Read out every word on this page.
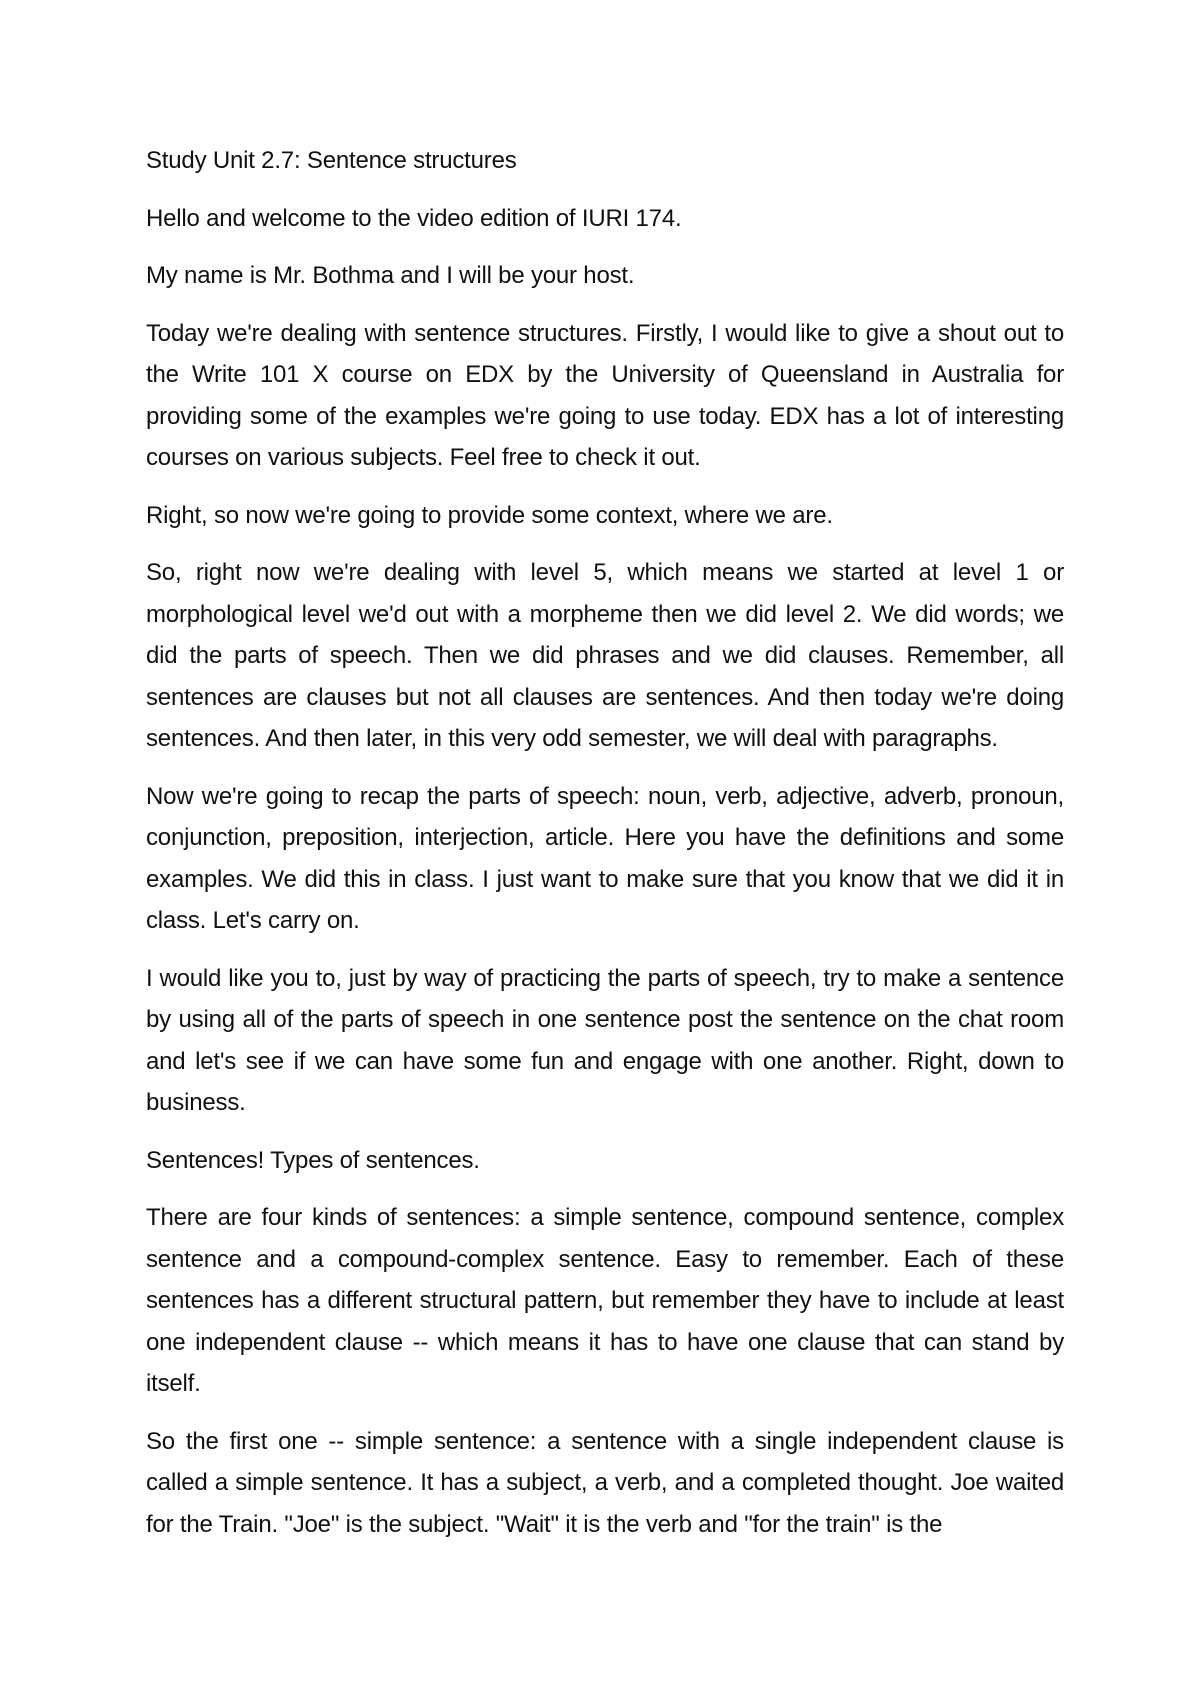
Study Unit 2.7: Sentence structures

Hello and welcome to the video edition of IURI 174.

My name is Mr. Bothma and I will be your host.

Today we're dealing with sentence structures. Firstly, I would like to give a shout out to the Write 101 X course on EDX by the University of Queensland in Australia for providing some of the examples we're going to use today. EDX has a lot of interesting courses on various subjects. Feel free to check it out.

Right, so now we're going to provide some context, where we are.

So, right now we're dealing with level 5, which means we started at level 1 or morphological level we'd out with a morpheme then we did level 2. We did words; we did the parts of speech. Then we did phrases and we did clauses. Remember, all sentences are clauses but not all clauses are sentences. And then today we're doing sentences. And then later, in this very odd semester, we will deal with paragraphs.

Now we're going to recap the parts of speech: noun, verb, adjective, adverb, pronoun, conjunction, preposition, interjection, article. Here you have the definitions and some examples. We did this in class. I just want to make sure that you know that we did it in class. Let's carry on.

I would like you to, just by way of practicing the parts of speech, try to make a sentence by using all of the parts of speech in one sentence post the sentence on the chat room and let's see if we can have some fun and engage with one another. Right, down to business.

Sentences! Types of sentences.

There are four kinds of sentences: a simple sentence, compound sentence, complex sentence and a compound-complex sentence. Easy to remember. Each of these sentences has a different structural pattern, but remember they have to include at least one independent clause -- which means it has to have one clause that can stand by itself.

So the first one -- simple sentence: a sentence with a single independent clause is called a simple sentence. It has a subject, a verb, and a completed thought. Joe waited for the Train. "Joe" is the subject. "Wait" it is the verb and "for the train" is the
